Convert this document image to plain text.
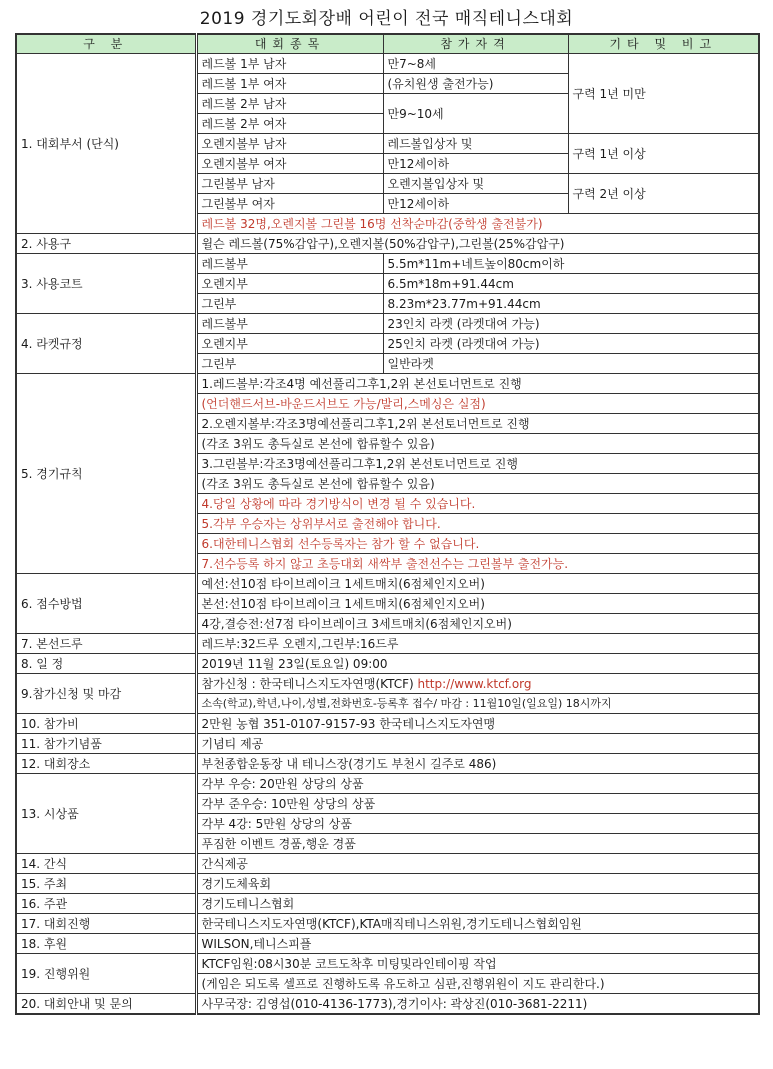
2019 경기도회장배 어린이 전국 매직테니스대회
구 분	대회종목	참가자격	기타 및 비고
1. 대회부서 (단식)	레드볼 1부 남자	만7~8세	구력 1년 미만
	레드볼 1부 여자	(유치원생 출전가능)	
	레드볼 2부 남자	만9~10세	
	레드볼 2부 여자		
	오렌지볼부 남자	레드볼입상자 및	구력 1년 이상
	오렌지볼부 여자	만12세이하	
	그린볼부 남자	오렌지볼입상자 및	구력 2년 이상
	그린볼부 여자	만12세이하	
	레드볼 32명,오렌지볼 그린볼 16명 선착순마감(중학생 출전불가)		
2. 사용구	윌슨 레드볼(75%감압구),오렌지볼(50%감압구),그린볼(25%감압구)		
3. 사용코트	레드볼부	5.5m*11m+네트높이80cm이하	
	오렌지부	6.5m*18m+91.44cm	
	그린부	8.23m*23.77m+91.44cm	
4. 라켓규정	레드볼부	23인치 라켓 (라켓대여 가능)	
	오렌지부	25인치 라켓 (라켓대여 가능)	
	그린부	일반라켓	
5. 경기규칙	1.레드볼부:각조4명 예선풀리그후1,2위 본선토너먼트로 진행		
	(언더핸드서브-바운드서브도 가능/발리,스메싱은 실점)		
	2.오렌지볼부:각조3명예선풀리그후1,2위 본선토너먼트로 진행		
	(각조 3위도 총득실로 본선에 합류할수 있음)		
	3.그린볼부:각조3명예선풀리그후1,2위 본선토너먼트로 진행		
	(각조 3위도 총득실로 본선에 합류할수 있음)		
	4.당일 상황에 따라 경기방식이 변경 될 수 있습니다.		
	5.각부 우승자는 상위부서로 출전해야 합니다.		
	6.대한테니스협회 선수등록자는 참가 할 수 없습니다.		
	7.선수등록 하지 않고 초등대회 새싹부 출전선수는 그린볼부 출전가능.		
6. 점수방법	예선:선10점 타이브레이크 1세트매치(6점체인지오버)		
	본선:선10점 타이브레이크 1세트매치(6점체인지오버)		
	4강,결승전:선7점 타이브레이크 3세트매치(6점체인지오버)		
7. 본선드루	레드부:32드루 오렌지,그린부:16드루		
8. 일 정	2019년 11월 23일(토요일) 09:00		
9.참가신청 및 마감	참가신청 : 한국테니스지도자연맹(KTCF) http://www.ktcf.org		
	소속(학교),학년,나이,성별,전화번호-등록후 접수/ 마감 : 11월10일(일요일) 18시까지		
10. 참가비	2만원 농협 351-0107-9157-93 한국테니스지도자연맹		
11. 참가기념품	기념티 제공		
12. 대회장소	부천종합운동장 내 테니스장(경기도 부천시 길주로 486)		
13. 시상품	각부 우승: 20만원 상당의 상품		
	각부 준우승: 10만원 상당의 상품		
	각부 4강: 5만원 상당의 상품		
	푸짐한 이벤트 경품,행운 경품		
14. 간식	간식제공		
15. 주최	경기도체육회		
16. 주관	경기도테니스협회		
17. 대회진행	한국테니스지도자연맹(KTCF),KTA매직테니스위원,경기도테니스협회임원		
18. 후원	WILSON,테니스피플		
19. 진행위원	KTCF임원:08시30분 코트도착후 미팅및라인테이핑 작업		
	(게임은 되도록 셀프로 진행하도록 유도하고 심판,진행위원이 지도 관리한다.)		
20. 대회안내 및 문의	사무국장: 김영섭(010-4136-1773),경기이사: 곽상진(010-3681-2211)		
